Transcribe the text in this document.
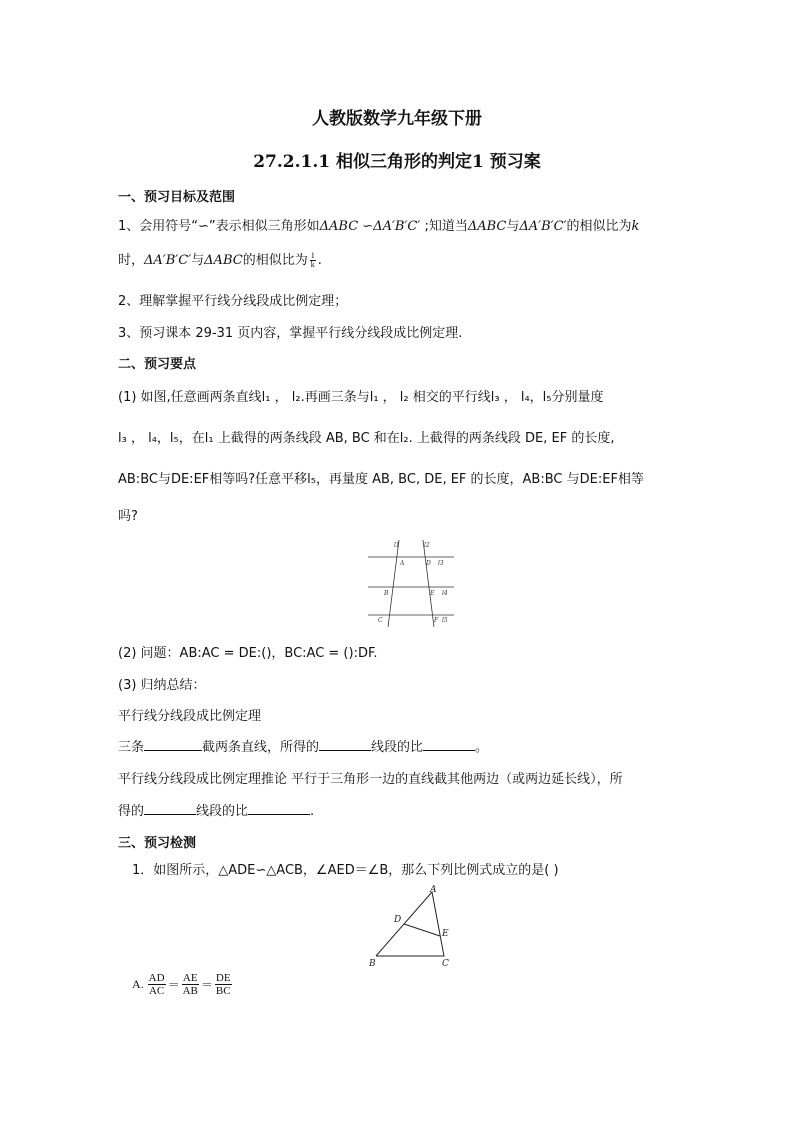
人教版数学九年级下册
27.2.1.1 相似三角形的判定1 预习案
一、预习目标及范围
1、会用符号“∽”表示相似三角形如ΔABC ∽ΔA′B′C′ ;知道当ΔABC与ΔA′B′C′的相似比为k
时，ΔA′B′C′与ΔABC的相似比为 $\frac{1}{k}$ .
2、理解掌握平行线分线段成比例定理；
3、预习课本 29-31 页内容，掌握平行线分线段成比例定理.
二、预习要点
(1) 如图,任意画两条直线l₁ ， l₂.再画三条与l₁ ， l₂ 相交的平行线l₃ ， l₄，l₅分别量度
l₃ ， l₄，l₅，在l₁ 上截得的两条线段 AB, BC 和在l₂. 上截得的两条线段 DE, EF 的长度,
AB:BC与DE:EF相等吗?任意平移l₅，再量度 AB, BC, DE, EF 的长度，AB:BC 与DE:EF相等
吗?
l1	l2
A	D l3
B	E l4
C	F l5
(2) 问题：AB:AC = DE:()，BC:AC = ():DF.
(3) 归纳总结：
平行线分线段成比例定理
三条	截两条直线，所得的	线段的比	。
平行线分线段成比例定理推论 平行于三角形一边的直线截其他两边（或两边延长线），所
得的	线段的比	.
三、预习检测
1．如图所示，△ADE∽△ACB，∠AED＝∠B，那么下列比例式成立的是( )
A
D
E
B	C
A. $\frac{AD}{AC} = \frac{AE}{AB} = \frac{DE}{BC}$
